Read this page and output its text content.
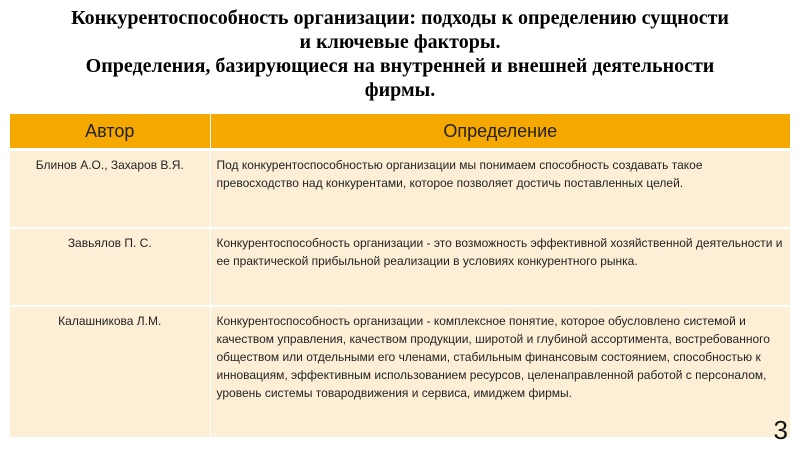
Конкурентоспособность организации: подходы к определению сущности
и ключевые факторы.
Определения, базирующиеся на внутренней и внешней деятельности
фирмы.
Автор	Определение
Блинов А.О., Захаров В.Я.	Под конкурентоспособностью организации мы понимаем способность создавать такое превосходство над конкурентами, которое позволяет достичь поставленных целей.
Завьялов П. С.	Конкурентоспособность организации - это возможность эффективной хозяйственной деятельности и ее практической прибыльной реализации в условиях конкурентного рынка.
Калашникова Л.М.	Конкурентоспособность организации - комплексное понятие, которое обусловлено системой и качеством управления, качеством продукции, широтой и глубиной ассортимента, востребованного обществом или отдельными его членами, стабильным финансовым состоянием, способностью к инновациям, эффективным использованием ресурсов, целенаправленной работой с персоналом, уровень системы товародвижения и сервиса, имиджем фирмы.
3
